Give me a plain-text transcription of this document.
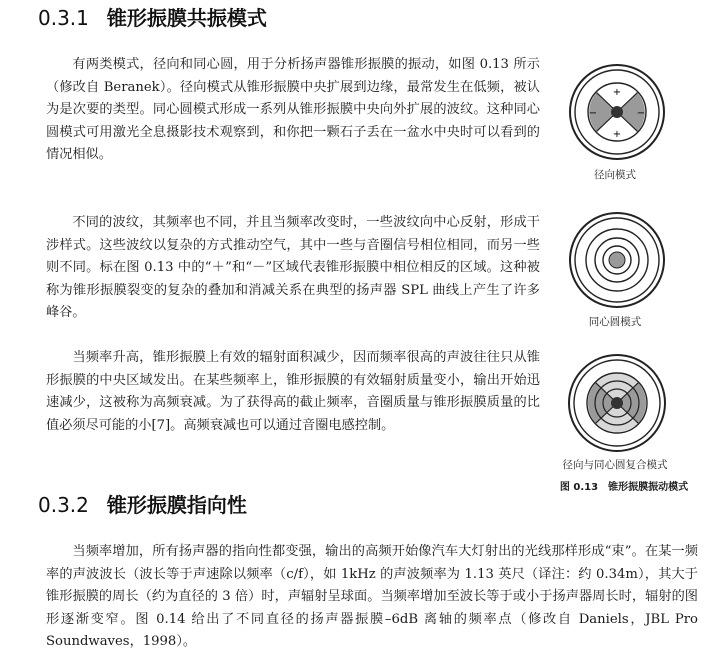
0.3.1 锥形振膜共振模式

有两类模式，径向和同心圆，用于分析扬声器锥形振膜的振动，如图 0.13 所示（修改自 Beranek）。径向模式从锥形振膜中央扩展到边缘，最常发生在低频，被认为是次要的类型。同心圆模式形成一系列从锥形振膜中央向外扩展的波纹。这种同心圆模式可用激光全息摄影技术观察到，和你把一颗石子丢在一盆水中央时可以看到的情况相似。

不同的波纹，其频率也不同，并且当频率改变时，一些波纹向中心反射，形成干涉样式。这些波纹以复杂的方式推动空气，其中一些与音圈信号相位相同，而另一些则不同。标在图 0.13 中的“＋”和“－”区域代表锥形振膜中相位相反的区域。这种被称为锥形振膜裂变的复杂的叠加和消减关系在典型的扬声器 SPL 曲线上产生了许多峰谷。

当频率升高，锥形振膜上有效的辐射面积减少，因而频率很高的声波往往只从锥形振膜的中央区域发出。在某些频率上，锥形振膜的有效辐射质量变小，输出开始迅速减少，这被称为高频衰减。为了获得高的截止频率，音圈质量与锥形振膜质量的比值必须尽可能的小[7]。高频衰减也可以通过音圈电感控制。

+
+
−	−

径向模式

同心圆模式

径向与同心圆复合模式

图 0.13　锥形振膜振动模式

0.3.2 锥形振膜指向性

当频率增加，所有扬声器的指向性都变强，输出的高频开始像汽车大灯射出的光线那样形成“束”。在某一频率的声波波长（波长等于声速除以频率（c/f），如 1kHz 的声波频率为 1.13 英尺（译注：约 0.34m），其大于锥形振膜的周长（约为直径的 3 倍）时，声辐射呈球面。当频率增加至波长等于或小于扬声器周长时，辐射的图形逐渐变窄。图 0.14 给出了不同直径的扬声器振膜–6dB 离轴的频率点（修改自 Daniels，JBL Pro Soundwaves，1998）。
